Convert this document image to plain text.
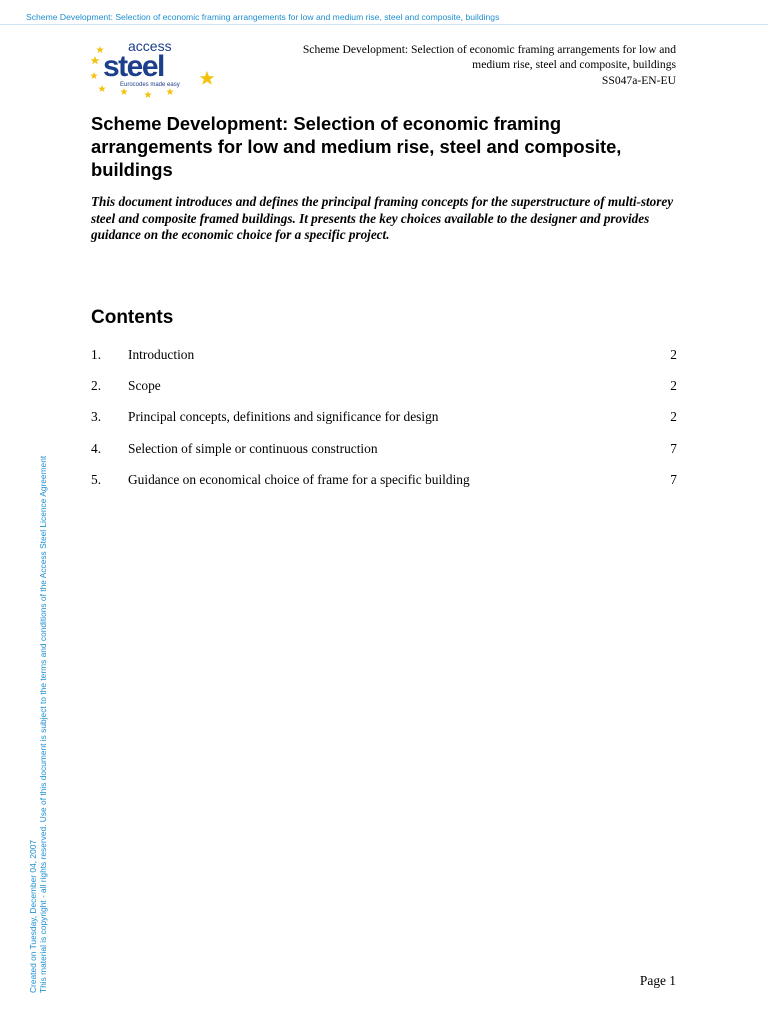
Scheme Development: Selection of economic framing arrangements for low and medium rise, steel and composite, buildings
access
steel
Eurocodes made easy
Scheme Development: Selection of economic framing arrangements for low and
medium rise, steel and composite, buildings
SS047a-EN-EU
Scheme Development: Selection of economic framing arrangements for low and medium rise, steel and composite, buildings

This document introduces and defines the principal framing concepts for the superstructure of multi-storey steel and composite framed buildings. It presents the key choices available to the designer and provides guidance on the economic choice for a specific project.

Contents
1. Introduction	2
2. Scope	2
3. Principal concepts, definitions and significance for design	2
4. Selection of simple or continuous construction	7
5. Guidance on economical choice of frame for a specific building	7
Created on Tuesday, December 04, 2007 This material is copyright - all rights reserved. Use of this document is subject to the terms and conditions of the Access Steel Licence Agreement	Page 1
